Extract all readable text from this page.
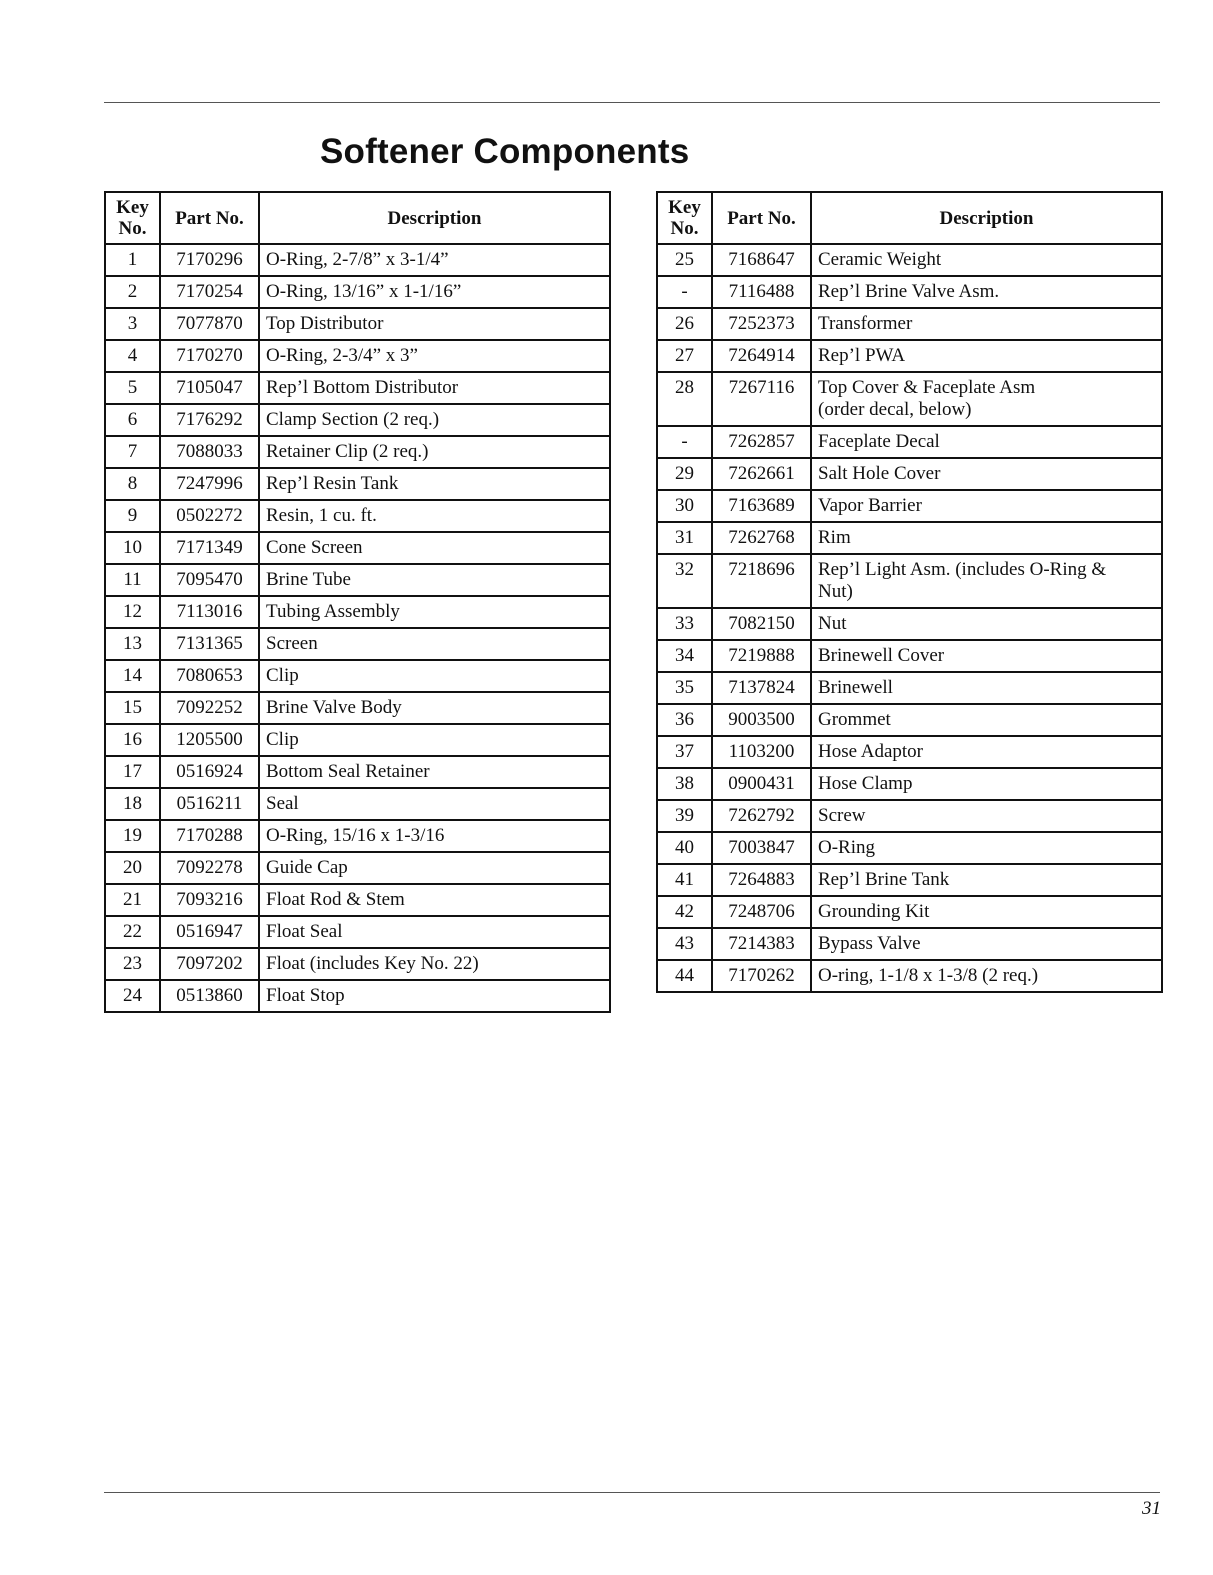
Softener Components
Key No.	Part No.	Description
1	7170296	O-Ring, 2-7/8” x 3-1/4”
2	7170254	O-Ring, 13/16” x 1-1/16”
3	7077870	Top Distributor
4	7170270	O-Ring, 2-3/4” x 3”
5	7105047	Rep’l Bottom Distributor
6	7176292	Clamp Section (2 req.)
7	7088033	Retainer Clip (2 req.)
8	7247996	Rep’l Resin Tank
9	0502272	Resin, 1 cu. ft.
10	7171349	Cone Screen
11	7095470	Brine Tube
12	7113016	Tubing Assembly
13	7131365	Screen
14	7080653	Clip
15	7092252	Brine Valve Body
16	1205500	Clip
17	0516924	Bottom Seal Retainer
18	0516211	Seal
19	7170288	O-Ring, 15/16 x 1-3/16
20	7092278	Guide Cap
21	7093216	Float Rod & Stem
22	0516947	Float Seal
23	7097202	Float (includes Key No. 22)
24	0513860	Float Stop
Key No.	Part No.	Description
25	7168647	Ceramic Weight
-	7116488	Rep’l Brine Valve Asm.
26	7252373	Transformer
27	7264914	Rep’l PWA
28	7267116	Top Cover & Faceplate Asm
(order decal, below)

-	7262857	Faceplate Decal
29	7262661	Salt Hole Cover
30	7163689	Vapor Barrier
31	7262768	Rim
32	7218696	Rep’l Light Asm. (includes O-Ring &
Nut)

33	7082150	Nut
34	7219888	Brinewell Cover
35	7137824	Brinewell
36	9003500	Grommet
37	1103200	Hose Adaptor
38	0900431	Hose Clamp
39	7262792	Screw
40	7003847	O-Ring
41	7264883	Rep’l Brine Tank
42	7248706	Grounding Kit
43	7214383	Bypass Valve
44	7170262	O-ring, 1-1/8 x 1-3/8 (2 req.)
31
